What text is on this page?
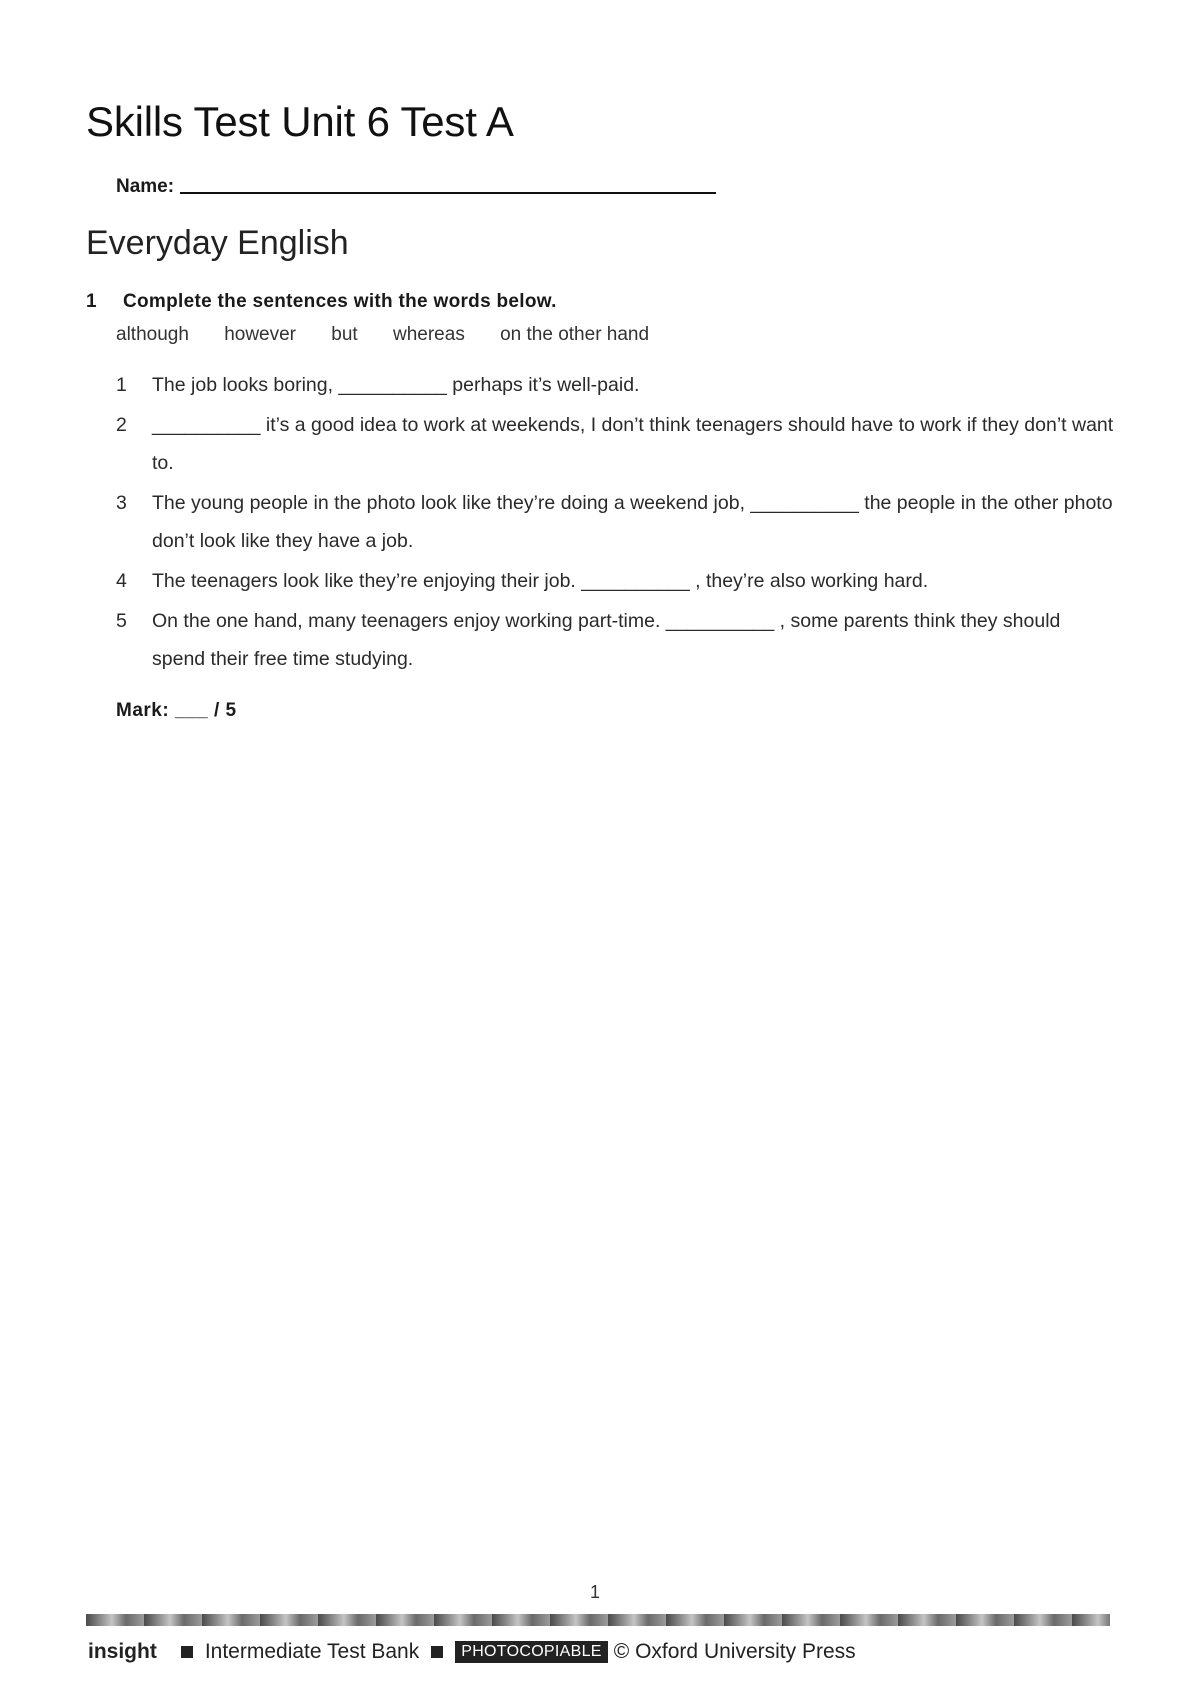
Skills Test Unit 6 Test A
Name:
Everyday English
1 Complete the sentences with the words below.
although however but whereas on the other hand
1 The job looks boring, __________ perhaps it’s well-paid.
2 __________ it’s a good idea to work at weekends, I don’t think teenagers should have to work if they don’t want to.
3 The young people in the photo look like they’re doing a weekend job, __________ the people in the other photo don’t look like they have a job.
4 The teenagers look like they’re enjoying their job. __________ , they’re also working hard.
5 On the one hand, many teenagers enjoy working part-time. __________ , some parents think they should spend their free time studying.
Mark: ___ / 5
1
insight Intermediate Test Bank	PHOTOCOPIABLE © Oxford University Press
